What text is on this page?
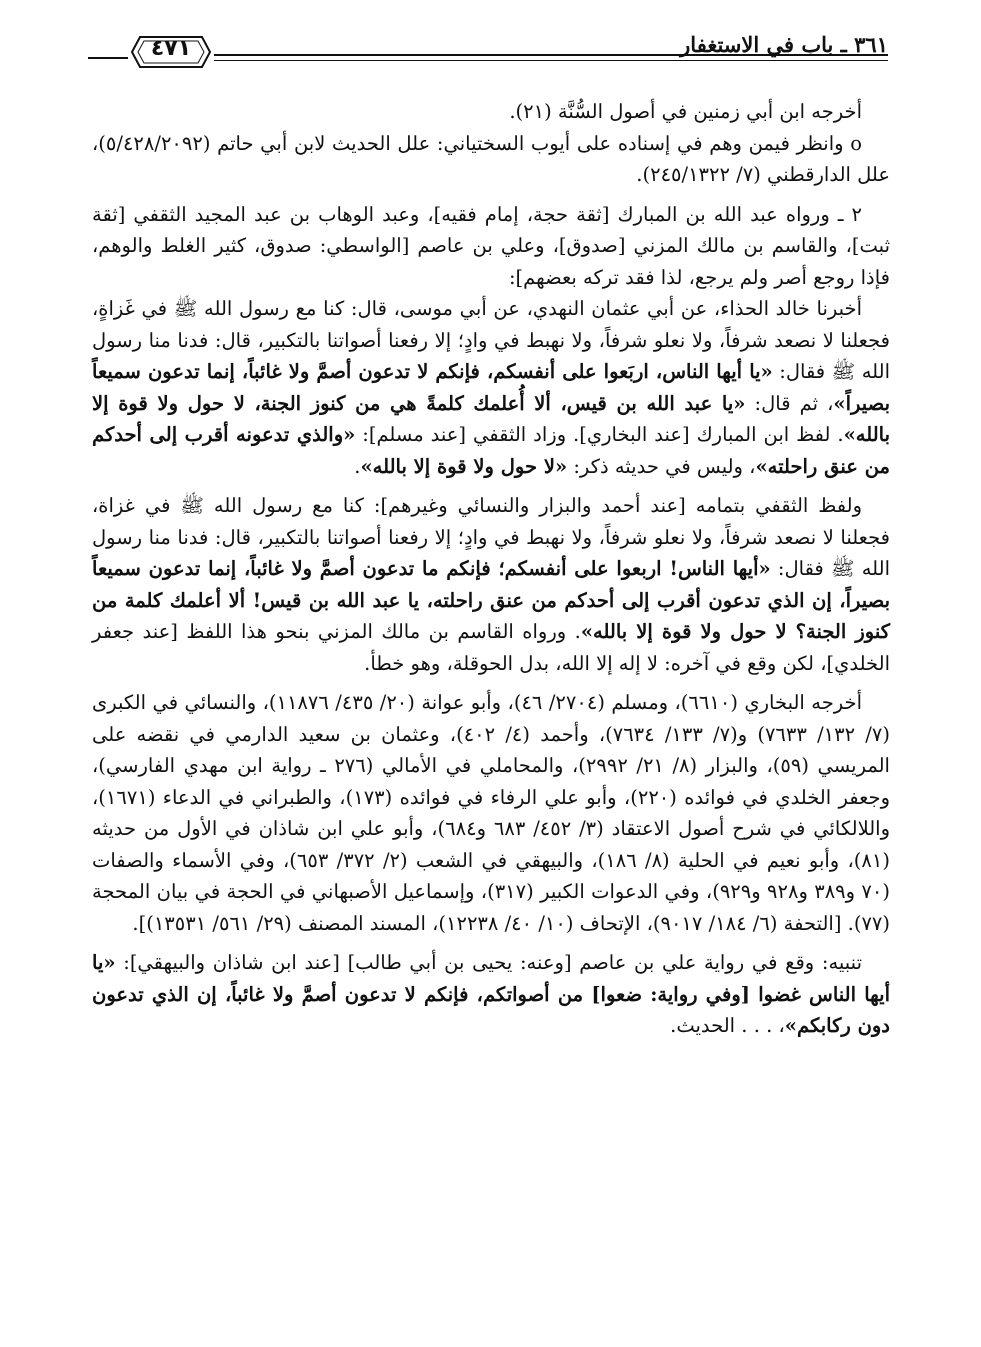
٤٧١	٣٦١ ـ باب في الاستغفار

أخرجه ابن أبي زمنين في أصول السُّنَّة (٢١).

o وانظر فيمن وهم في إسناده على أيوب السختياني: علل الحديث لابن أبي حاتم (٥/٤٢٨/٢٠٩٢)، علل الدارقطني (٧/ ٢٤٥/١٣٢٢).

٢ ـ ورواه عبد الله بن المبارك [ثقة حجة، إمام فقيه]، وعبد الوهاب بن عبد المجيد الثقفي [ثقة ثبت]، والقاسم بن مالك المزني [صدوق]، وعلي بن عاصم [الواسطي: صدوق، كثير الغلط والوهم، فإذا روجع أصر ولم يرجع، لذا فقد تركه بعضهم]:

أخبرنا خالد الحذاء، عن أبي عثمان النهدي، عن أبي موسى، قال: كنا مع رسول الله ﷺ في غَزاةٍ، فجعلنا لا نصعد شرفاً، ولا نعلو شرفاً، ولا نهبط في وادٍ؛ إلا رفعنا أصواتنا بالتكبير، قال: فدنا منا رسول الله ﷺ فقال: «يا أيها الناس، اربَعوا على أنفسكم، فإنكم لا تدعون أصمَّ ولا غائباً، إنما تدعون سميعاً بصيراً»، ثم قال: «يا عبد الله بن قيس، ألا أُعلمك كلمةً هي من كنوز الجنة، لا حول ولا قوة إلا بالله». لفظ ابن المبارك [عند البخاري]. وزاد الثقفي [عند مسلم]: «والذي تدعونه أقرب إلى أحدكم من عنق راحلته»، وليس في حديثه ذكر: «لا حول ولا قوة إلا بالله».

ولفظ الثقفي بتمامه [عند أحمد والبزار والنسائي وغيرهم]: كنا مع رسول الله ﷺ في غزاة، فجعلنا لا نصعد شرفاً، ولا نعلو شرفاً، ولا نهبط في وادٍ؛ إلا رفعنا أصواتنا بالتكبير، قال: فدنا منا رسول الله ﷺ فقال: «أيها الناس! اربعوا على أنفسكم؛ فإنكم ما تدعون أصمَّ ولا غائباً، إنما تدعون سميعاً بصيراً، إن الذي تدعون أقرب إلى أحدكم من عنق راحلته، يا عبد الله بن قيس! ألا أعلمك كلمة من كنوز الجنة؟ لا حول ولا قوة إلا بالله». ورواه القاسم بن مالك المزني بنحو هذا اللفظ [عند جعفر الخلدي]، لكن وقع في آخره: لا إله إلا الله، بدل الحوقلة، وهو خطأ.

أخرجه البخاري (٦٦١٠)، ومسلم (٢٧٠٤/ ٤٦)، وأبو عوانة (٢٠/ ٤٣٥/ ١١٨٧٦)، والنسائي في الكبرى (٧/ ١٣٢/ ٧٦٣٣) و(٧/ ١٣٣/ ٧٦٣٤)، وأحمد (٤/ ٤٠٢)، وعثمان بن سعيد الدارمي في نقضه على المريسي (٥٩)، والبزار (٨/ ٢١/ ٢٩٩٢)، والمحاملي في الأمالي (٢٧٦ ـ رواية ابن مهدي الفارسي)، وجعفر الخلدي في فوائده (٢٢٠)، وأبو علي الرفاء في فوائده (١٧٣)، والطبراني في الدعاء (١٦٧١)، واللالكائي في شرح أصول الاعتقاد (٣/ ٤٥٢/ ٦٨٣ و٦٨٤)، وأبو علي ابن شاذان في الأول من حديثه (٨١)، وأبو نعيم في الحلية (٨/ ١٨٦)، والبيهقي في الشعب (٢/ ٣٧٢/ ٦٥٣)، وفي الأسماء والصفات (٧٠ و٣٨٩ و٩٢٨ و٩٢٩)، وفي الدعوات الكبير (٣١٧)، وإسماعيل الأصبهاني في الحجة في بيان المحجة (٧٧). [التحفة (٦/ ١٨٤/ ٩٠١٧)، الإتحاف (١٠/ ٤٠/ ١٢٢٣٨)، المسند المصنف (٢٩/ ٥٦١/ ١٣٥٣١)].

تنبيه: وقع في رواية علي بن عاصم [وعنه: يحيى بن أبي طالب] [عند ابن شاذان والبيهقي]: «يا أيها الناس غضوا [وفي رواية: ضعوا] من أصواتكم، فإنكم لا تدعون أصمَّ ولا غائباً، إن الذي تدعون دون ركابكم»، . . . الحديث.
